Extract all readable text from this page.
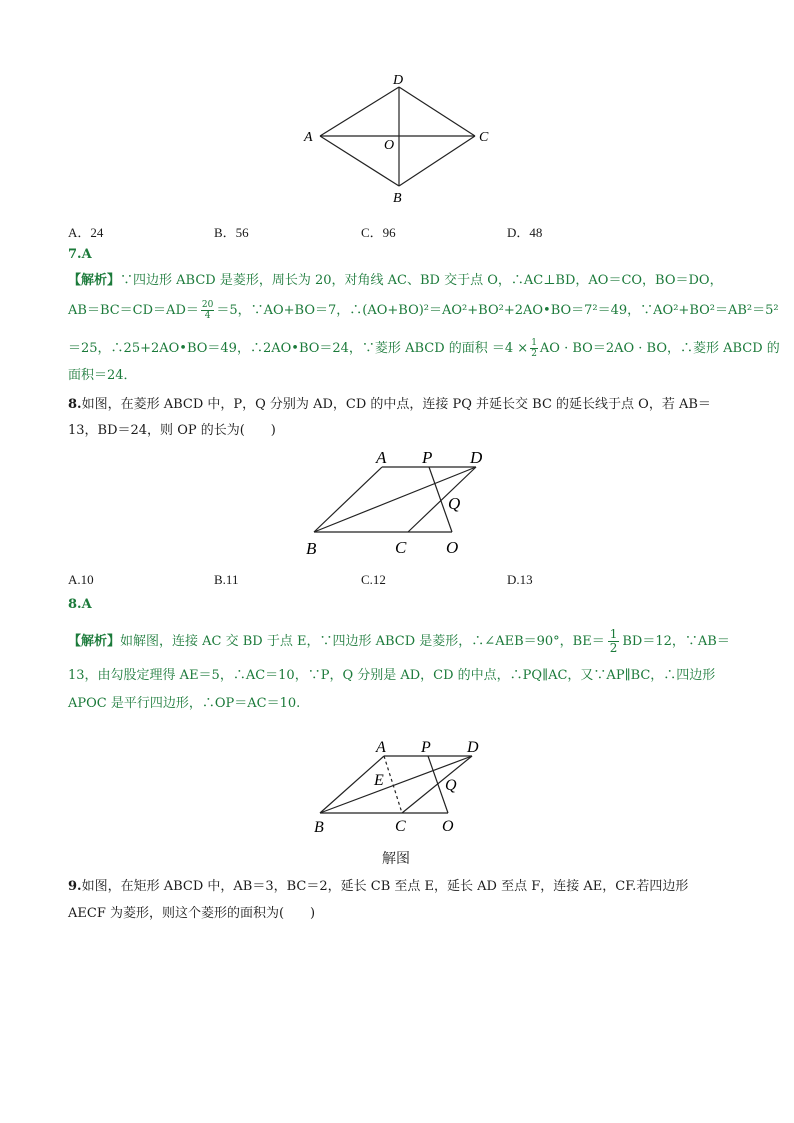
D
A	C
O
B
A．24	B．56	C．96	D．48
7.A
【解析】∵四边形 ABCD 是菱形，周长为 20，对角线 AC、BD 交于点 O，∴AC⊥BD，AO＝CO，BO＝DO，
$AB=BC=CD=AD= \frac{20}{4} =5$，∵AO+BO＝7，∴(AO+BO)²＝AO²+BO²+2AO•BO＝7²＝49，∵AO²+BO²＝AB²＝5²
＝25，∴25+2AO•BO＝49，∴2AO•BO＝24，∵菱形 ABCD 的面积 $=4 \times \frac{1}{2}$ AO · BO＝2AO · BO，∴菱形 ABCD 的
面积＝24．
8.如图，在菱形 ABCD 中，P，Q 分别为 AD，CD 的中点，连接 PQ 并延长交 BC 的延长线于点 O，若 AB＝
13，BD＝24，则 OP 的长为(　　)
A P D
Q
B	C O
A.10	B.11	C.12	D.13
8.A
【解析】如解图，连接 AC 交 BD 于点 E，∵四边形 ABCD 是菱形，∴∠AEB＝90°，$BE= \frac{1}{2} BD=12$，∵AB＝
13，由勾股定理得 AE＝5，∴AC＝10，∵P，Q 分别是 AD，CD 的中点，∴PQ∥AC，又∵AP∥BC，∴四边形
APOC 是平行四边形，∴OP＝AC＝10.
A P D
E	Q
B	C O
解图
9.如图，在矩形 ABCD 中，AB＝3，BC＝2，延长 CB 至点 E，延长 AD 至点 F，连接 AE，CF.若四边形
AECF 为菱形，则这个菱形的面积为(　　)
